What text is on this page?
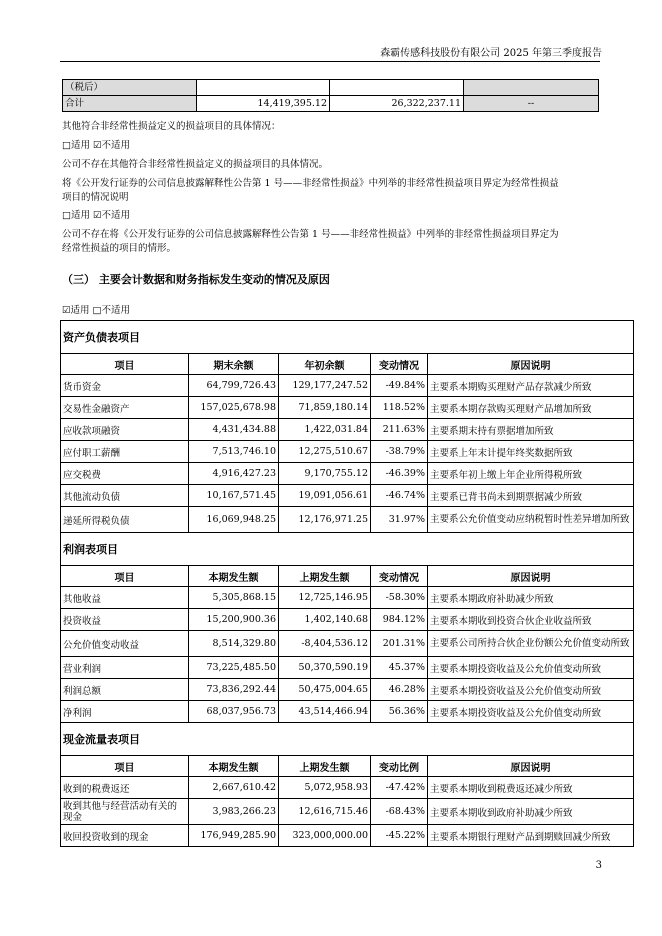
森霸传感科技股份有限公司 2025 年第三季度报告
（税后）			
合计	14,419,395.12	26,322,237.11	--
其他符合非经常性损益定义的损益项目的具体情况：
□适用 ☑不适用
公司不存在其他符合非经常性损益定义的损益项目的具体情况。
将《公开发行证券的公司信息披露解释性公告第 1 号——非经常性损益》中列举的非经常性损益项目界定为经常性损益
项目的情况说明
□适用 ☑不适用
公司不存在将《公开发行证券的公司信息披露解释性公告第 1 号——非经常性损益》中列举的非经常性损益项目界定为
经常性损益的项目的情形。
（三） 主要会计数据和财务指标发生变动的情况及原因
☑适用 □不适用
资产负债表项目				
项目	期末余额	年初余额	变动情况	原因说明
货币资金	64,799,726.43	129,177,247.52	-49.84%	主要系本期购买理财产品存款减少所致
交易性金融资产	157,025,678.98	71,859,180.14	118.52%	主要系本期存款购买理财产品增加所致
应收款项融资	4,431,434.88	1,422,031.84	211.63%	主要系期末持有票据增加所致
应付职工薪酬	7,513,746.10	12,275,510.67	-38.79%	主要系上年末计提年终奖数据所致
应交税费	4,916,427.23	9,170,755.12	-46.39%	主要系年初上缴上年企业所得税所致
其他流动负债	10,167,571.45	19,091,056.61	-46.74%	主要系已背书尚未到期票据减少所致
递延所得税负债	16,069,948.25	12,176,971.25	31.97%	主要系公允价值变动应纳税暂时性差异增加所致
利润表项目				
项目	本期发生额	上期发生额	变动情况	原因说明
其他收益	5,305,868.15	12,725,146.95	-58.30%	主要系本期政府补助减少所致
投资收益	15,200,900.36	1,402,140.68	984.12%	主要系本期收到投资合伙企业收益所致
公允价值变动收益	8,514,329.80	-8,404,536.12	201.31%	主要系公司所持合伙企业份额公允价值变动所致
营业利润	73,225,485.50	50,370,590.19	45.37%	主要系本期投资收益及公允价值变动所致
利润总额	73,836,292.44	50,475,004.65	46.28%	主要系本期投资收益及公允价值变动所致
净利润	68,037,956.73	43,514,466.94	56.36%	主要系本期投资收益及公允价值变动所致
现金流量表项目				
项目	本期发生额	上期发生额	变动比例	原因说明
收到的税费返还	2,667,610.42	5,072,958.93	-47.42%	主要系本期收到税费返还减少所致
收到其他与经营活动有关的现金	3,983,266.23	12,616,715.46	-68.43%	主要系本期收到政府补助减少所致
收回投资收到的现金	176,949,285.90	323,000,000.00	-45.22%	主要系本期银行理财产品到期赎回减少所致
3
